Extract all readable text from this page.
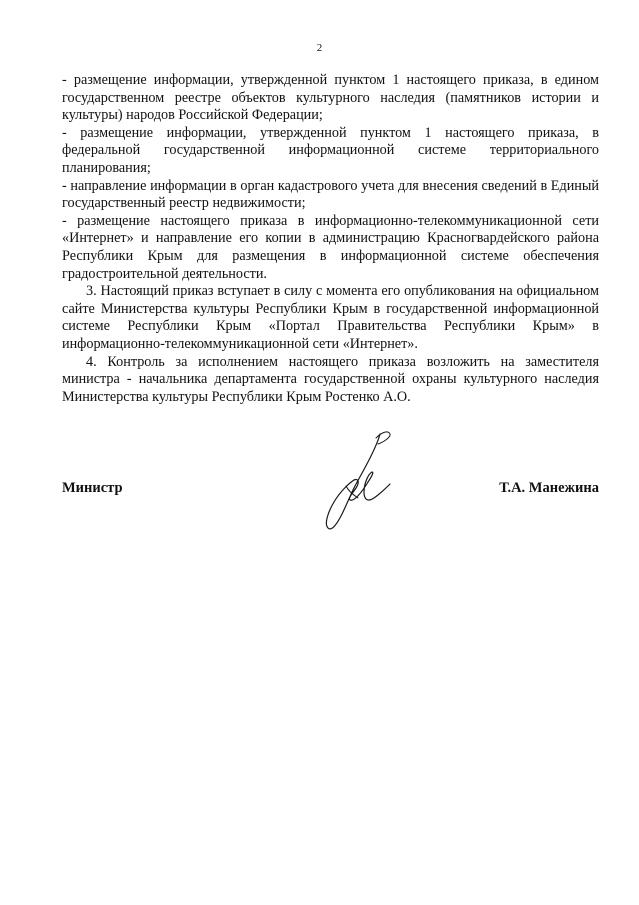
2

- размещение информации, утвержденной пунктом 1 настоящего приказа, в едином государственном реестре объектов культурного наследия (памятников истории и культуры) народов Российской Федерации;

- размещение информации, утвержденной пунктом 1 настоящего приказа, в федеральной государственной информационной системе территориального планирования;

- направление информации в орган кадастрового учета для внесения сведений в Единый государственный реестр недвижимости;

- размещение настоящего приказа в информационно-телекоммуникационной сети «Интернет» и направление его копии в администрацию Красногвардейского района Республики Крым для размещения в информационной системе обеспечения градостроительной деятельности.

3. Настоящий приказ вступает в силу с момента его опубликования на официальном сайте Министерства культуры Республики Крым в государственной информационной системе Республики Крым «Портал Правительства Республики Крым» в информационно-телекоммуникационной сети «Интернет».

4. Контроль за исполнением настоящего приказа возложить на заместителя министра - начальника департамента государственной охраны культурного наследия Министерства культуры Республики Крым Ростенко А.О.

Министр	Т.А. Манежина
